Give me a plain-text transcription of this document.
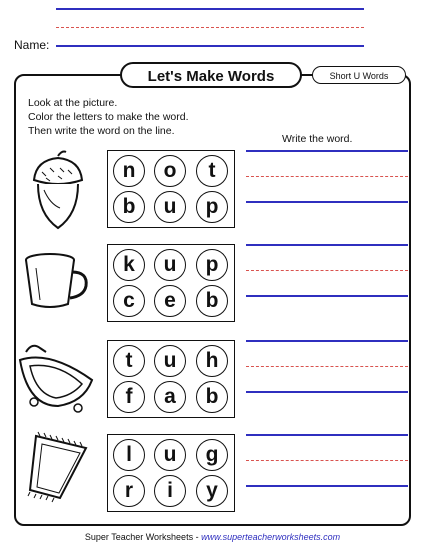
Name:
Let's Make Words	Short U Words
Look at the picture.
Color the letters to make the word.
Then write the word on the line.
Write the word.
n	o	t
b	u	p
k	u	p
c	e	b
t	u	h
f	a	b
l	u	g
r	i	y
Super Teacher Worksheets - www.superteacherworksheets.com
